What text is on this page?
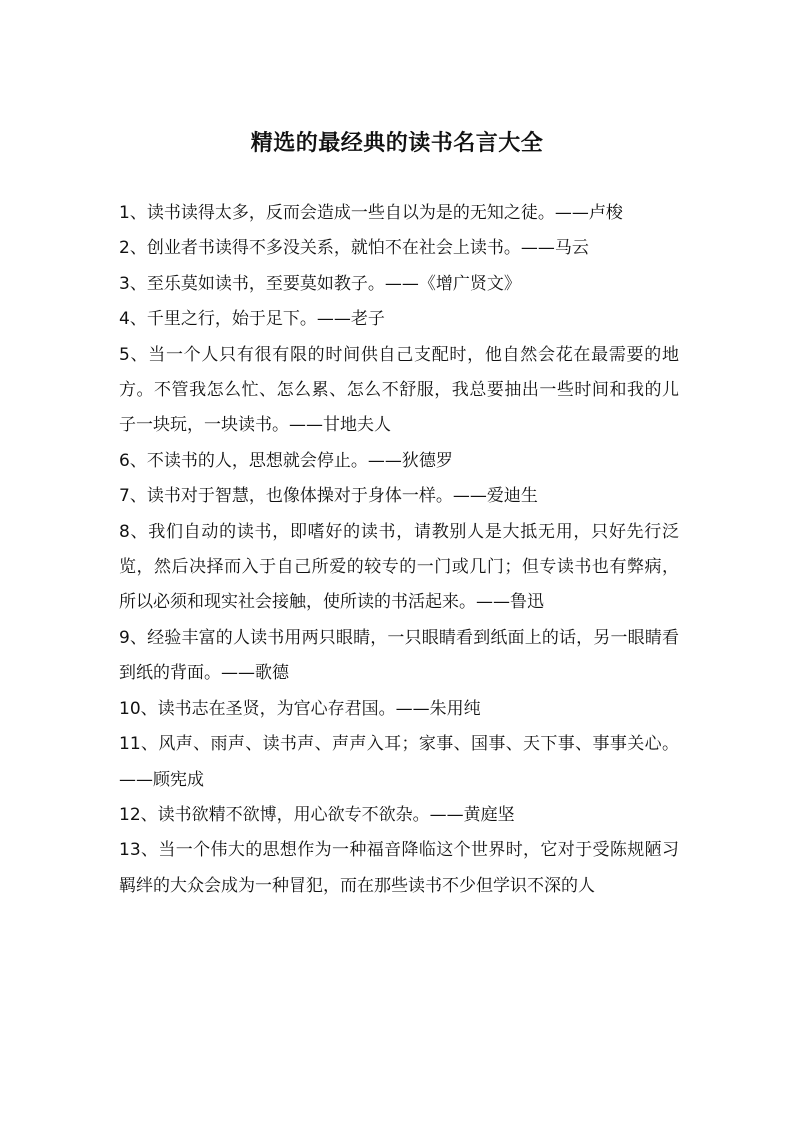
精选的最经典的读书名言大全

1、读书读得太多，反而会造成一些自以为是的无知之徒。——卢梭

2、创业者书读得不多没关系，就怕不在社会上读书。——马云

3、至乐莫如读书，至要莫如教子。——《增广贤文》

4、千里之行，始于足下。——老子

5、当一个人只有很有限的时间供自己支配时，他自然会花在最需要的地方。不管我怎么忙、怎么累、怎么不舒服，我总要抽出一些时间和我的儿子一块玩，一块读书。——甘地夫人

6、不读书的人，思想就会停止。——狄德罗

7、读书对于智慧，也像体操对于身体一样。——爱迪生

8、我们自动的读书，即嗜好的读书，请教别人是大抵无用，只好先行泛览，然后决择而入于自己所爱的较专的一门或几门；但专读书也有弊病，所以必须和现实社会接触，使所读的书活起来。——鲁迅

9、经验丰富的人读书用两只眼睛，一只眼睛看到纸面上的话，另一眼睛看到纸的背面。——歌德

10、读书志在圣贤，为官心存君国。——朱用纯

11、风声、雨声、读书声、声声入耳；家事、国事、天下事、事事关心。——顾宪成

12、读书欲精不欲博，用心欲专不欲杂。——黄庭坚

13、当一个伟大的思想作为一种福音降临这个世界时，它对于受陈规陋习羁绊的大众会成为一种冒犯，而在那些读书不少但学识不深的人
